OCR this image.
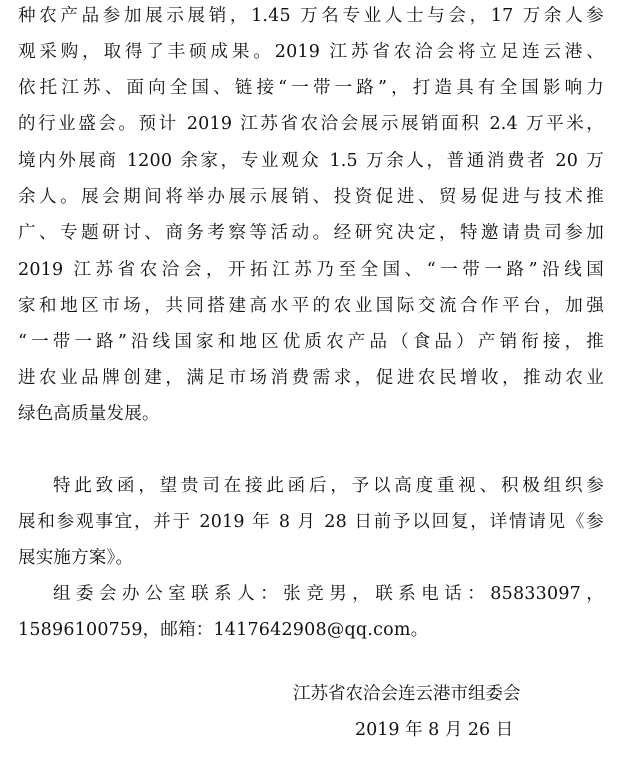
种农产品参加展示展销，1.45 万名专业人士与会，17 万余人参
观采购，取得了丰硕成果。2019 江苏省农洽会将立足连云港、
依托江苏、面向全国、链接“一带一路”，打造具有全国影响力
的行业盛会。预计 2019 江苏省农洽会展示展销面积 2.4 万平米，
境内外展商 1200 余家，专业观众 1.5 万余人，普通消费者 20 万
余人。展会期间将举办展示展销、投资促进、贸易促进与技术推
广、专题研讨、商务考察等活动。经研究决定，特邀请贵司参加
2019 江苏省农洽会，开拓江苏乃至全国、“一带一路”沿线国
家和地区市场，共同搭建高水平的农业国际交流合作平台，加强
“一带一路”沿线国家和地区优质农产品（食品）产销衔接，推
进农业品牌创建，满足市场消费需求，促进农民增收，推动农业
绿色高质量发展。
特此致函，望贵司在接此函后，予以高度重视、积极组织参
展和参观事宜，并于 2019 年 8 月 28 日前予以回复，详情请见《参
展实施方案》。
组委会办公室联系人：张竞男，联系电话：85833097，
15896100759，邮箱：1417642908@qq.com。
江苏省农洽会连云港市组委会
2019 年 8 月 26 日
